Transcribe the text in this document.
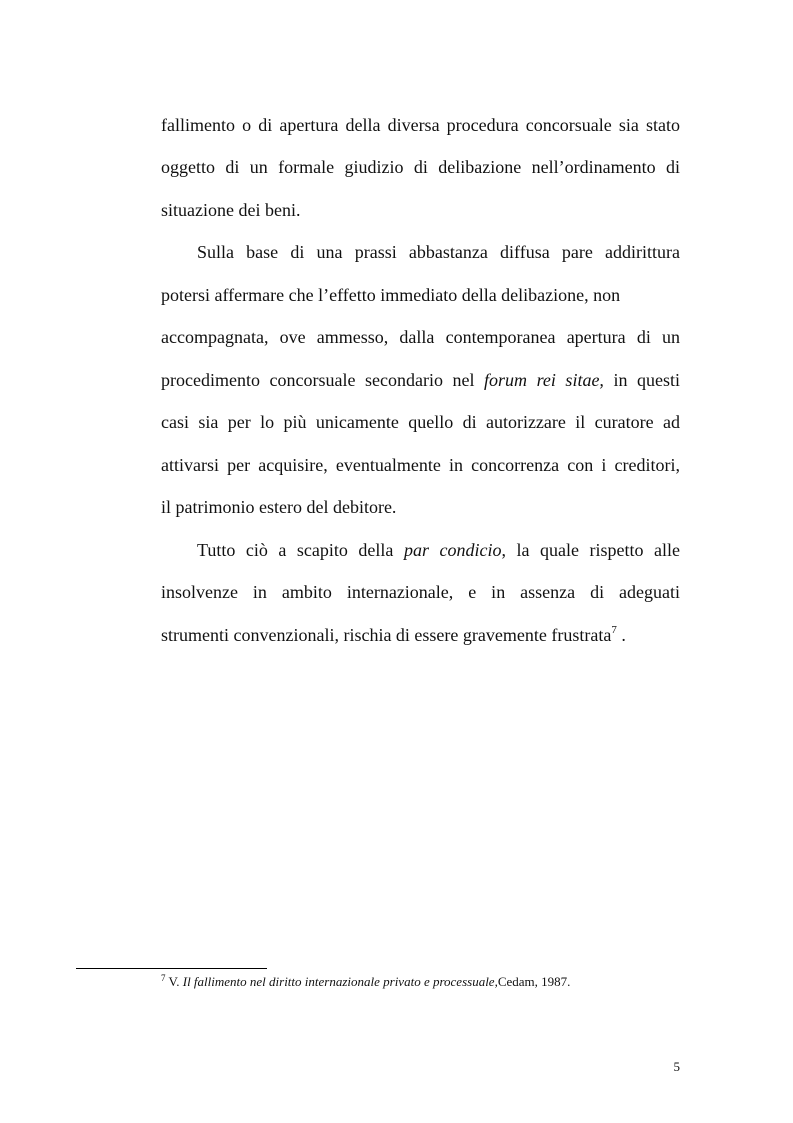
fallimento o di apertura della diversa procedura concorsuale sia stato
oggetto di un formale giudizio di delibazione nell’ordinamento di
situazione dei beni.
Sulla base di una prassi abbastanza diffusa pare addirittura
potersi affermare che l’effetto immediato della delibazione, non
accompagnata, ove ammesso, dalla contemporanea apertura di un
procedimento concorsuale secondario nel forum rei sitae, in questi
casi sia per lo più unicamente quello di autorizzare il curatore ad
attivarsi per acquisire, eventualmente in concorrenza con i creditori,
il patrimonio estero del debitore.
Tutto ciò a scapito della par condicio, la quale rispetto alle
insolvenze in ambito internazionale, e in assenza di adeguati
strumenti convenzionali, rischia di essere gravemente frustrata$^7$ .
$^7$ V. Il fallimento nel diritto internazionale privato e processuale,Cedam, 1987.
5
